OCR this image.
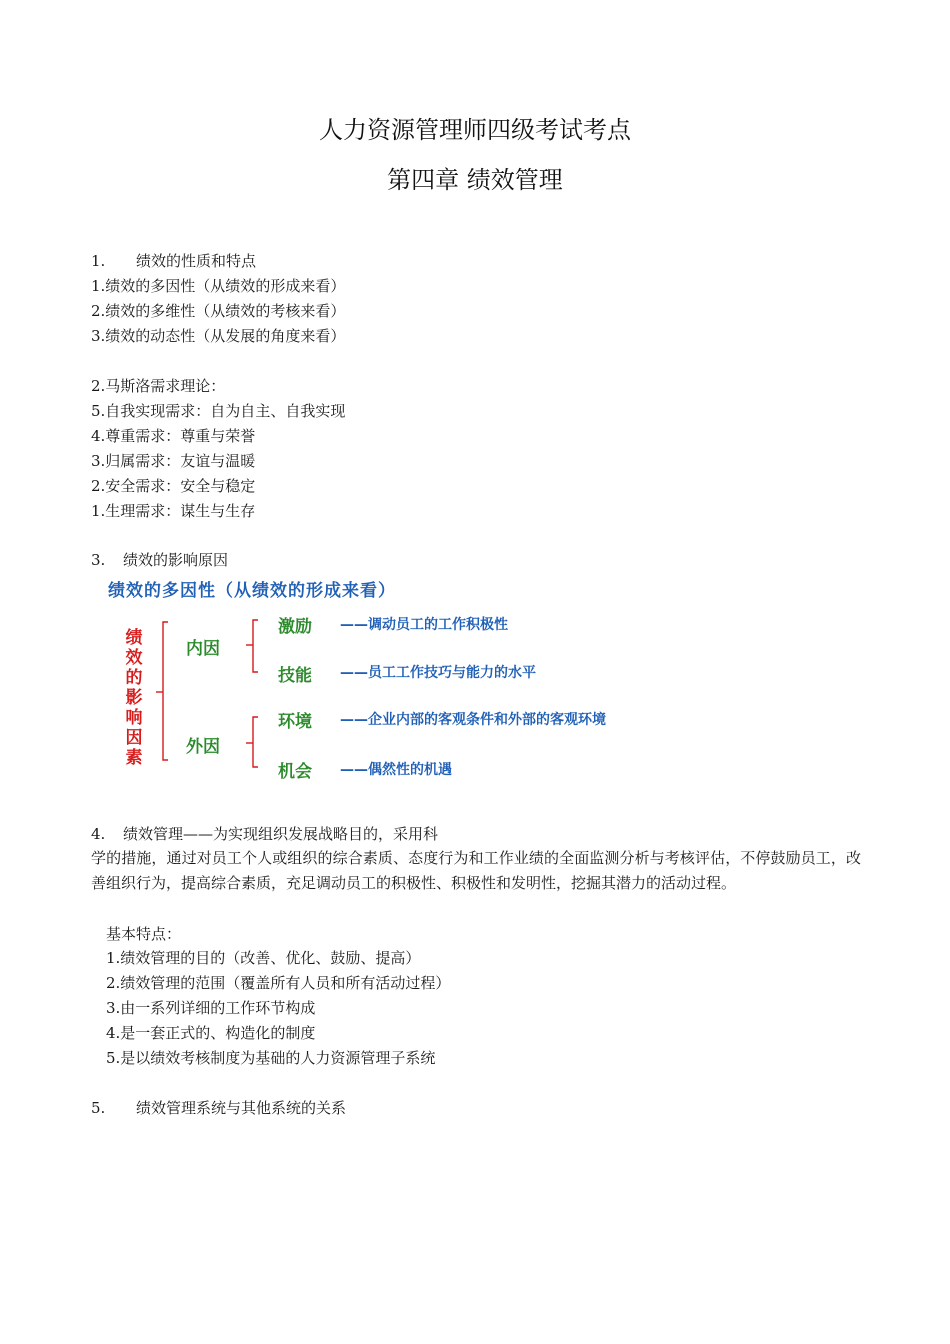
人力资源管理师四级考试考点
第四章 绩效管理
1. 绩效的性质和特点
1.绩效的多因性（从绩效的形成来看）
2.绩效的多维性（从绩效的考核来看）
3.绩效的动态性（从发展的角度来看）
2.马斯洛需求理论：
5.自我实现需求：自为自主、自我实现
4.尊重需求：尊重与荣誉
3.归属需求：友谊与温暖
2.安全需求：安全与稳定
1.生理需求：谋生与生存
3. 绩效的影响原因
绩效的多因性（从绩效的形成来看）
绩
效
的
影
响
因
素
内因
外因
激励 ——调动员工的工作积极性
技能 ——员工工作技巧与能力的水平
环境 ——企业内部的客观条件和外部的客观环境
机会 ——偶然性的机遇
4. 绩效管理——为实现组织发展战略目的，采用科
学的措施，通过对员工个人或组织的综合素质、态度行为和工作业绩的全面监测分析与考核评估，不停鼓励员工，改善组织行为，提高综合素质，充足调动员工的积极性、积极性和发明性，挖掘其潜力的活动过程。
基本特点：
1.绩效管理的目的（改善、优化、鼓励、提高）
2.绩效管理的范围（覆盖所有人员和所有活动过程）
3.由一系列详细的工作环节构成
4.是一套正式的、构造化的制度
5.是以绩效考核制度为基础的人力资源管理子系统
5. 绩效管理系统与其他系统的关系
